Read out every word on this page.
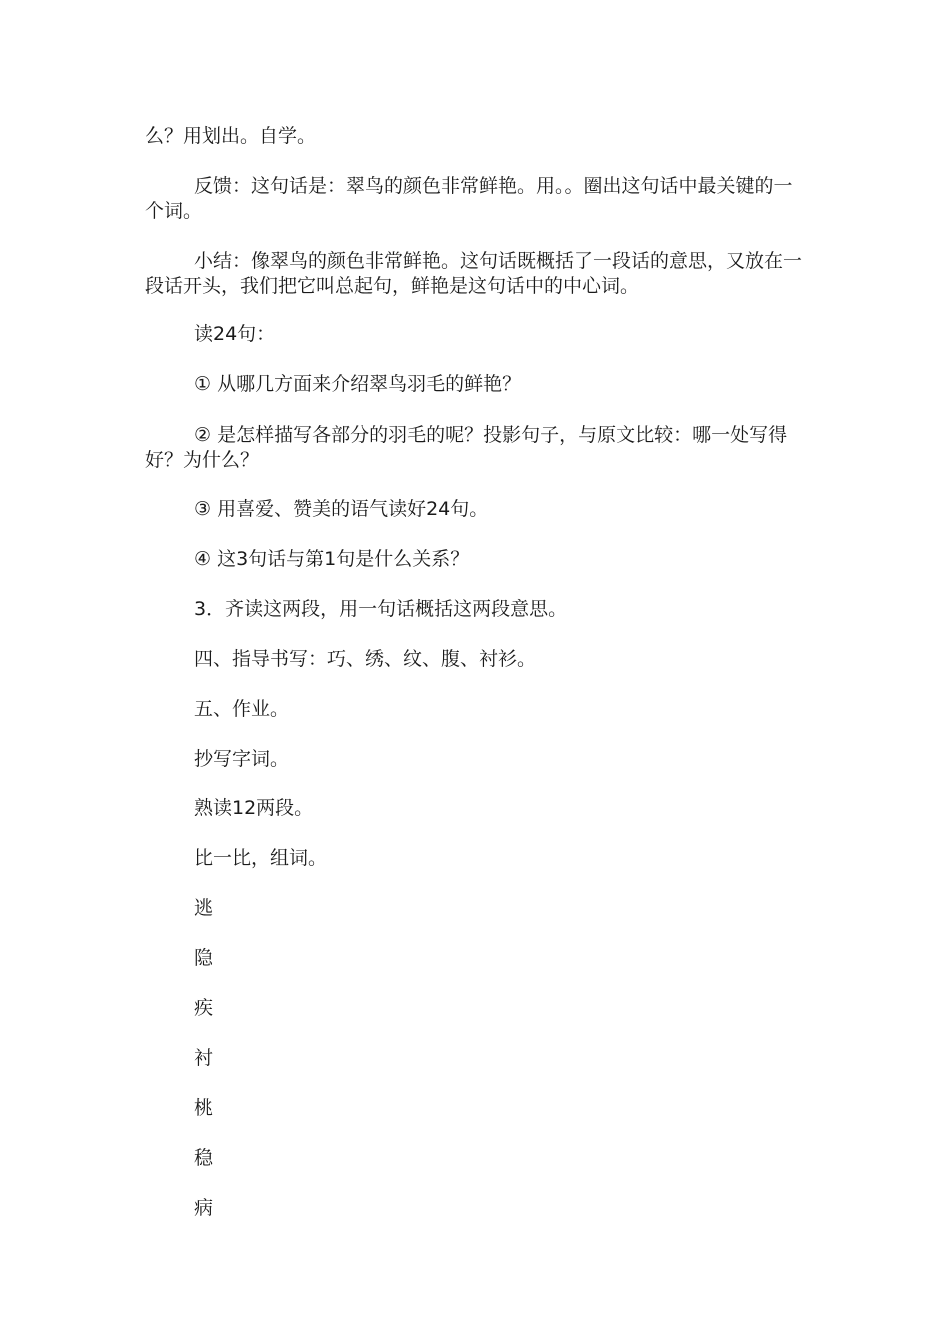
么？用划出。自学。

反馈：这句话是：翠鸟的颜色非常鲜艳。用。。圈出这句话中最关键的一个词。

小结：像翠鸟的颜色非常鲜艳。这句话既概括了一段话的意思，又放在一段话开头，我们把它叫总起句，鲜艳是这句话中的中心词。

读24句：

① 从哪几方面来介绍翠鸟羽毛的鲜艳？

② 是怎样描写各部分的羽毛的呢？投影句子，与原文比较：哪一处写得好？为什么？

③ 用喜爱、赞美的语气读好24句。

④ 这3句话与第1句是什么关系？

3．齐读这两段，用一句话概括这两段意思。

四、指导书写：巧、绣、纹、腹、衬衫。

五、作业。

抄写字词。

熟读12两段。

比一比，组词。

逃

隐

疾

衬

桃

稳

病
